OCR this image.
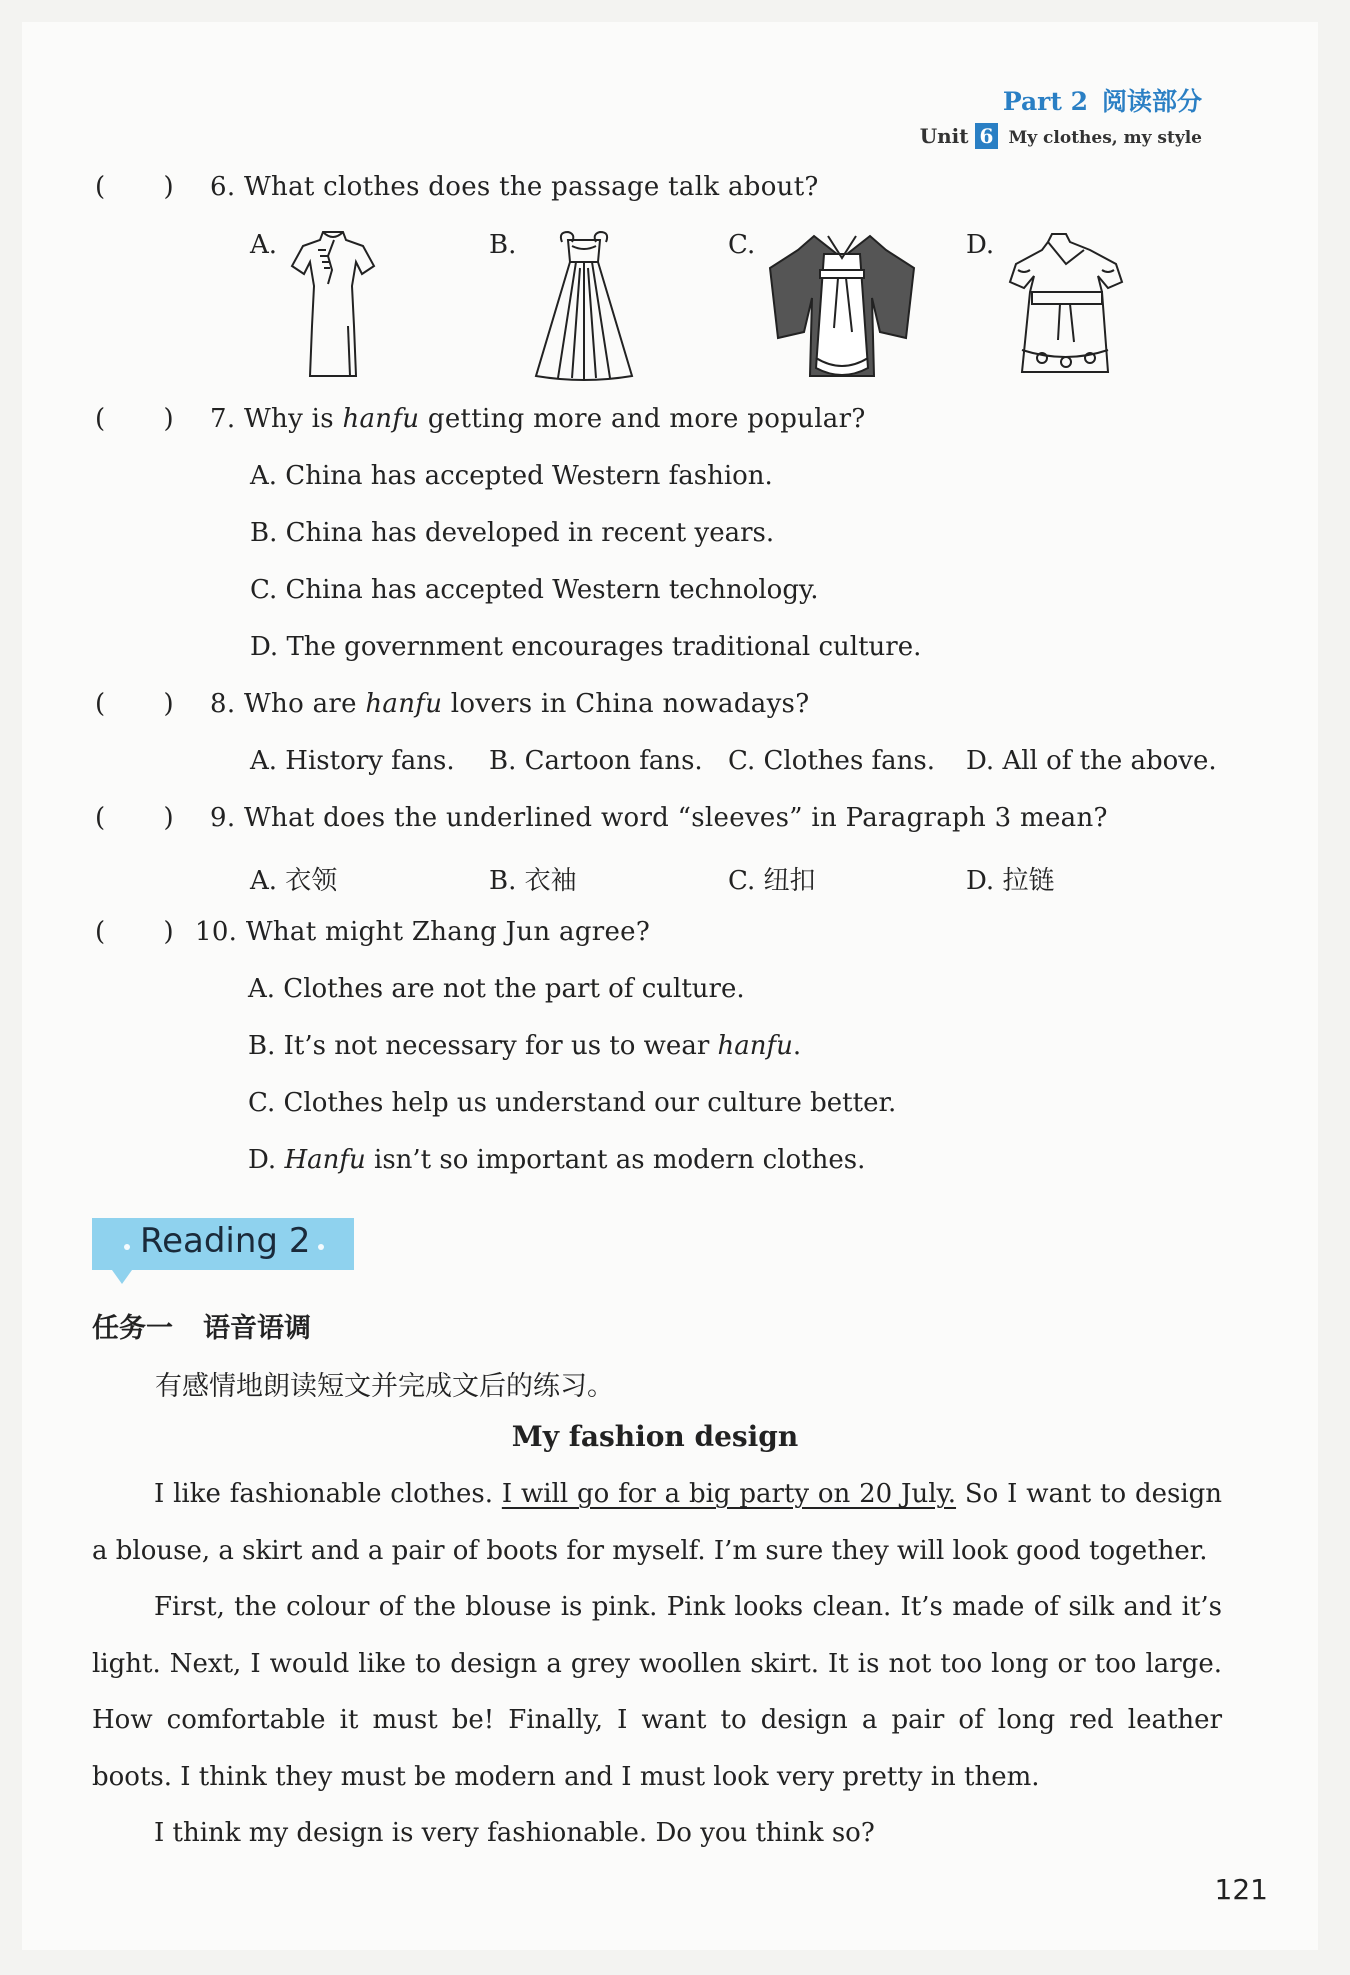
Part 2 阅读部分
Unit 6 My clothes, my style
( ) 6. What clothes does the passage talk about?
A.	B.	C.	D.
( ) 7. Why is hanfu getting more and more popular?
A. China has accepted Western fashion.
B. China has developed in recent years.
C. China has accepted Western technology.
D. The government encourages traditional culture.
( ) 8. Who are hanfu lovers in China nowadays?
A. History fans. B. Cartoon fans. C. Clothes fans. D. All of the above.
( ) 9. What does the underlined word “sleeves” in Paragraph 3 mean?
A. 衣领	B. 衣袖	C. 纽扣	D. 拉链
( ) 10. What might Zhang Jun agree?
A. Clothes are not the part of culture.
B. It’s not necessary for us to wear hanfu.
C. Clothes help us understand our culture better.
D. Hanfu isn’t so important as modern clothes.
Reading 2
任务一 语音语调
有感情地朗读短文并完成文后的练习。
My fashion design

I like fashionable clothes. I will go for a big party on 20 July. So I want to design a blouse, a skirt and a pair of boots for myself. I’m sure they will look good together.

First, the colour of the blouse is pink. Pink looks clean. It’s made of silk and it’s light. Next, I would like to design a grey woollen skirt. It is not too long or too large. How comfortable it must be! Finally, I want to design a pair of long red leather boots. I think they must be modern and I must look very pretty in them.

I think my design is very fashionable. Do you think so?

121
